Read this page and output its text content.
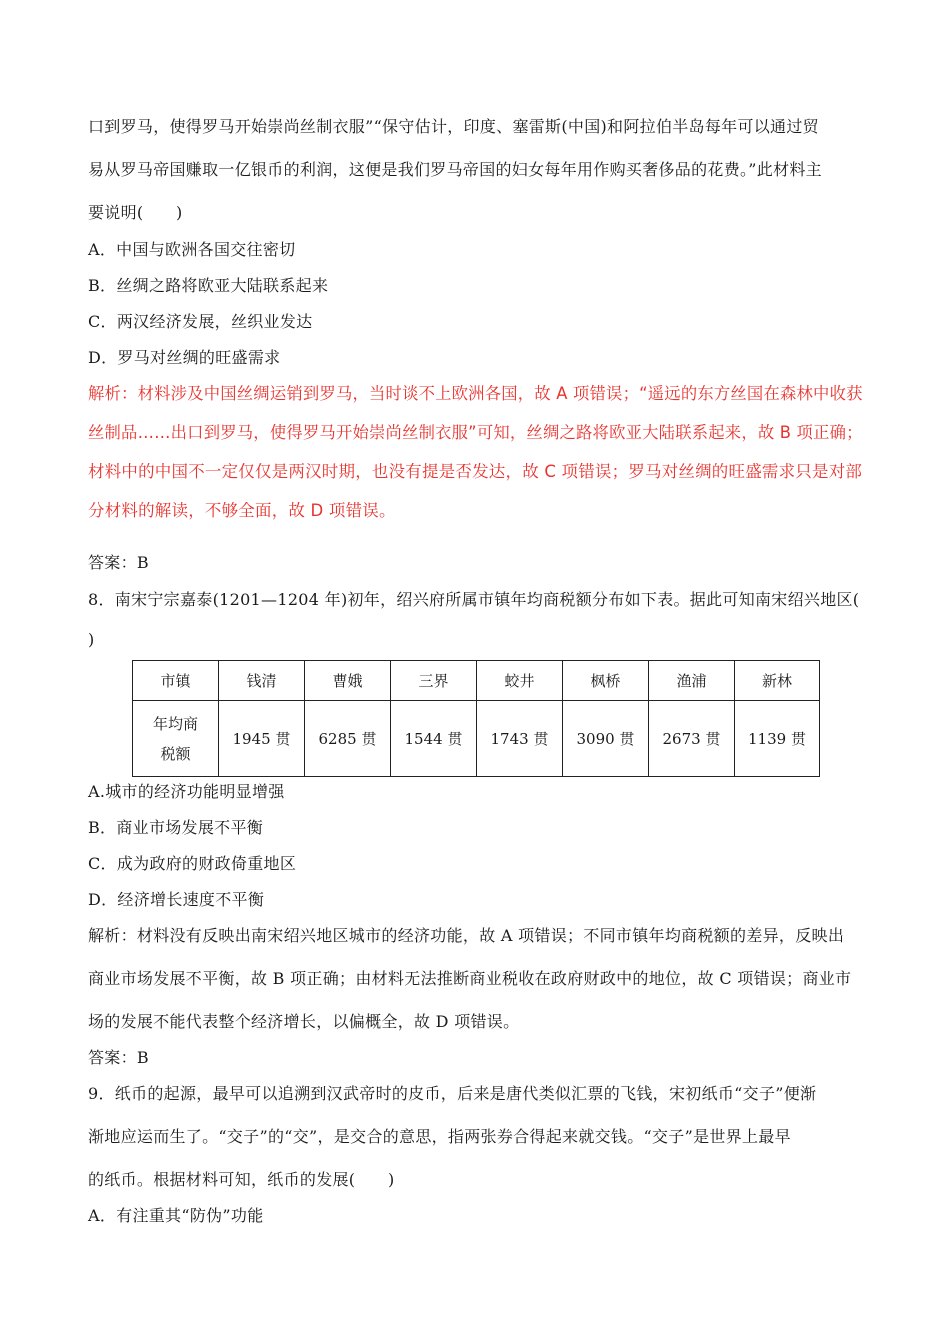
口到罗马，使得罗马开始崇尚丝制衣服”“保守估计，印度、塞雷斯(中国)和阿拉伯半岛每年可以通过贸
易从罗马帝国赚取一亿银币的利润，这便是我们罗马帝国的妇女每年用作购买奢侈品的花费。”此材料主
要说明(　　)
A．中国与欧洲各国交往密切
B．丝绸之路将欧亚大陆联系起来
C．两汉经济发展，丝织业发达
D．罗马对丝绸的旺盛需求
解析：材料涉及中国丝绸运销到罗马，当时谈不上欧洲各国，故 A 项错误；“遥远的东方丝国在森林中收获
丝制品……出口到罗马，使得罗马开始崇尚丝制衣服”可知，丝绸之路将欧亚大陆联系起来，故 B 项正确；
材料中的中国不一定仅仅是两汉时期，也没有提是否发达，故 C 项错误；罗马对丝绸的旺盛需求只是对部
分材料的解读，不够全面，故 D 项错误。
答案：B
8．南宋宁宗嘉泰(1201—1204 年)初年，绍兴府所属市镇年均商税额分布如下表。据此可知南宋绍兴地区(
)
市镇	钱清	曹娥	三界	蛟井	枫桥	渔浦	新林

年均商
税额	1945 贯	6285 贯	1544 贯	1743 贯	3090 贯	2673 贯	1139 贯
A.城市的经济功能明显增强
B．商业市场发展不平衡
C．成为政府的财政倚重地区
D．经济增长速度不平衡
解析：材料没有反映出南宋绍兴地区城市的经济功能，故 A 项错误；不同市镇年均商税额的差异，反映出
商业市场发展不平衡，故 B 项正确；由材料无法推断商业税收在政府财政中的地位，故 C 项错误；商业市
场的发展不能代表整个经济增长，以偏概全，故 D 项错误。
答案：B
9．纸币的起源，最早可以追溯到汉武帝时的皮币，后来是唐代类似汇票的飞钱，宋初纸币“交子”便渐
渐地应运而生了。“交子”的“交”，是交合的意思，指两张券合得起来就交钱。“交子”是世界上最早
的纸币。根据材料可知，纸币的发展(　　)
A．有注重其“防伪”功能
